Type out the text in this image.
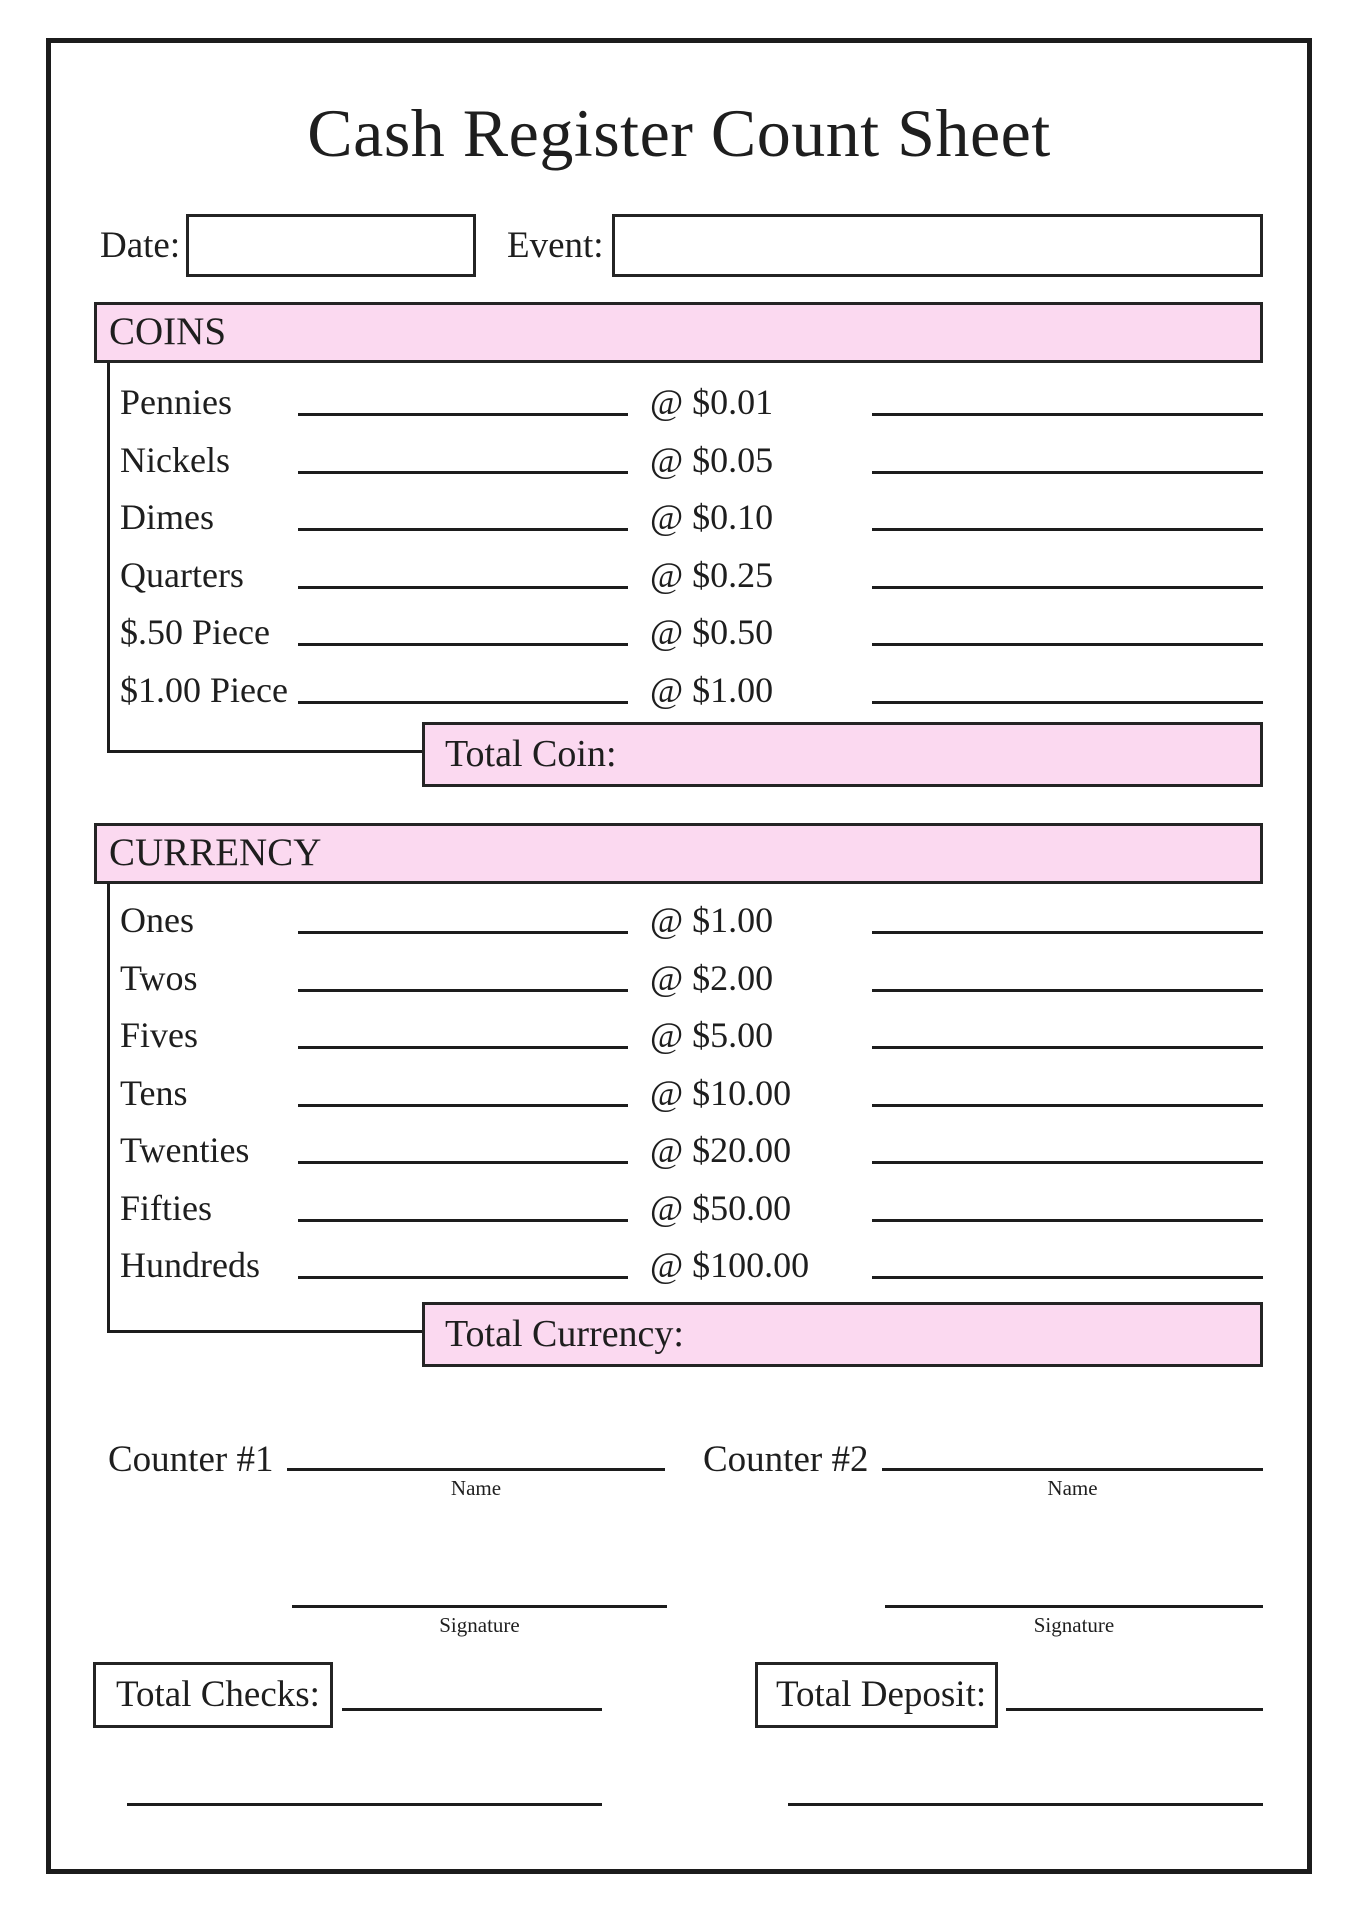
Cash Register Count Sheet
Date:	Event:
COINS
Pennies	@ $0.01
Nickels	@ $0.05
Dimes	@ $0.10
Quarters	@ $0.25
$.50 Piece	@ $0.50
$1.00 Piece	@ $1.00
Total Coin:
CURRENCY
Ones	@ $1.00
Twos	@ $2.00
Fives	@ $5.00
Tens	@ $10.00
Twenties	@ $20.00
Fifties	@ $50.00
Hundreds	@ $100.00
Total Currency:
Counter #1
Name
Counter #2
Name
Signature	Signature
Total Checks:	Total Deposit:
